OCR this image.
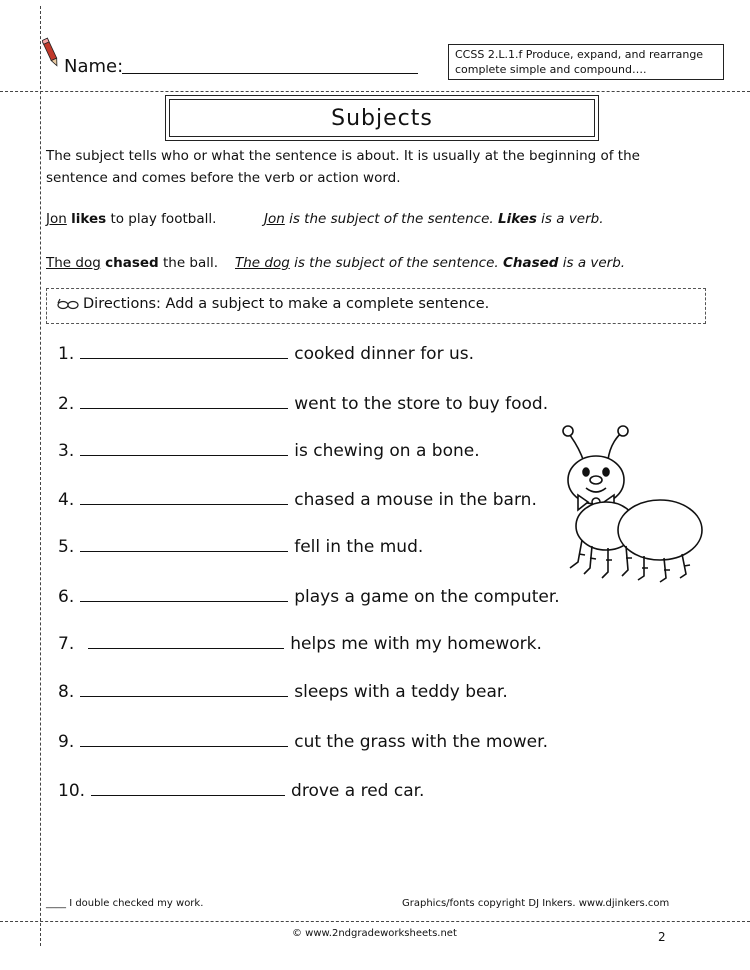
Name:
CCSS 2.L.1.f Produce, expand, and rearrange complete simple and compound….
Subjects
The subject tells who or what the sentence is about. It is usually at the beginning of the
sentence and comes before the verb or action word.
Jon likes to play football.	Jon is the subject of the sentence. Likes is a verb.
The dog chased the ball. The dog is the subject of the sentence. Chased is a verb.
Directions: Add a subject to make a complete sentence.
1.	cooked dinner for us.
2.	went to the store to buy food.
3.	is chewing on a bone.
4.	chased a mouse in the barn.
5.	fell in the mud.
6.	plays a game on the computer.
7.	helps me with my homework.
8.	sleeps with a teddy bear.
9.	cut the grass with the mower.
10.	drove a red car.
____ I double checked my work.	Graphics/fonts copyright DJ Inkers. www.djinkers.com
© www.2ndgradeworksheets.net	2
